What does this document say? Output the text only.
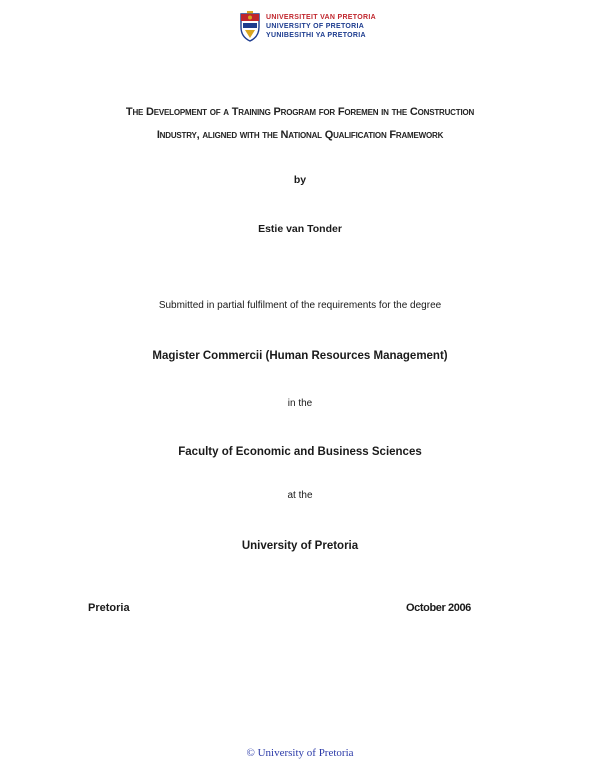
UNIVERSITEIT VAN PRETORIA
UNIVERSITY OF PRETORIA
YUNIBESITHI YA PRETORIA
The Development of a Training Program for Foremen in the Construction
Industry, aligned with the National Qualification Framework
by
Estie van Tonder
Submitted in partial fulfilment of the requirements for the degree
Magister Commercii (Human Resources Management)
in the
Faculty of Economic and Business Sciences
at the
University of Pretoria
Pretoria	October 2006
© University of Pretoria
